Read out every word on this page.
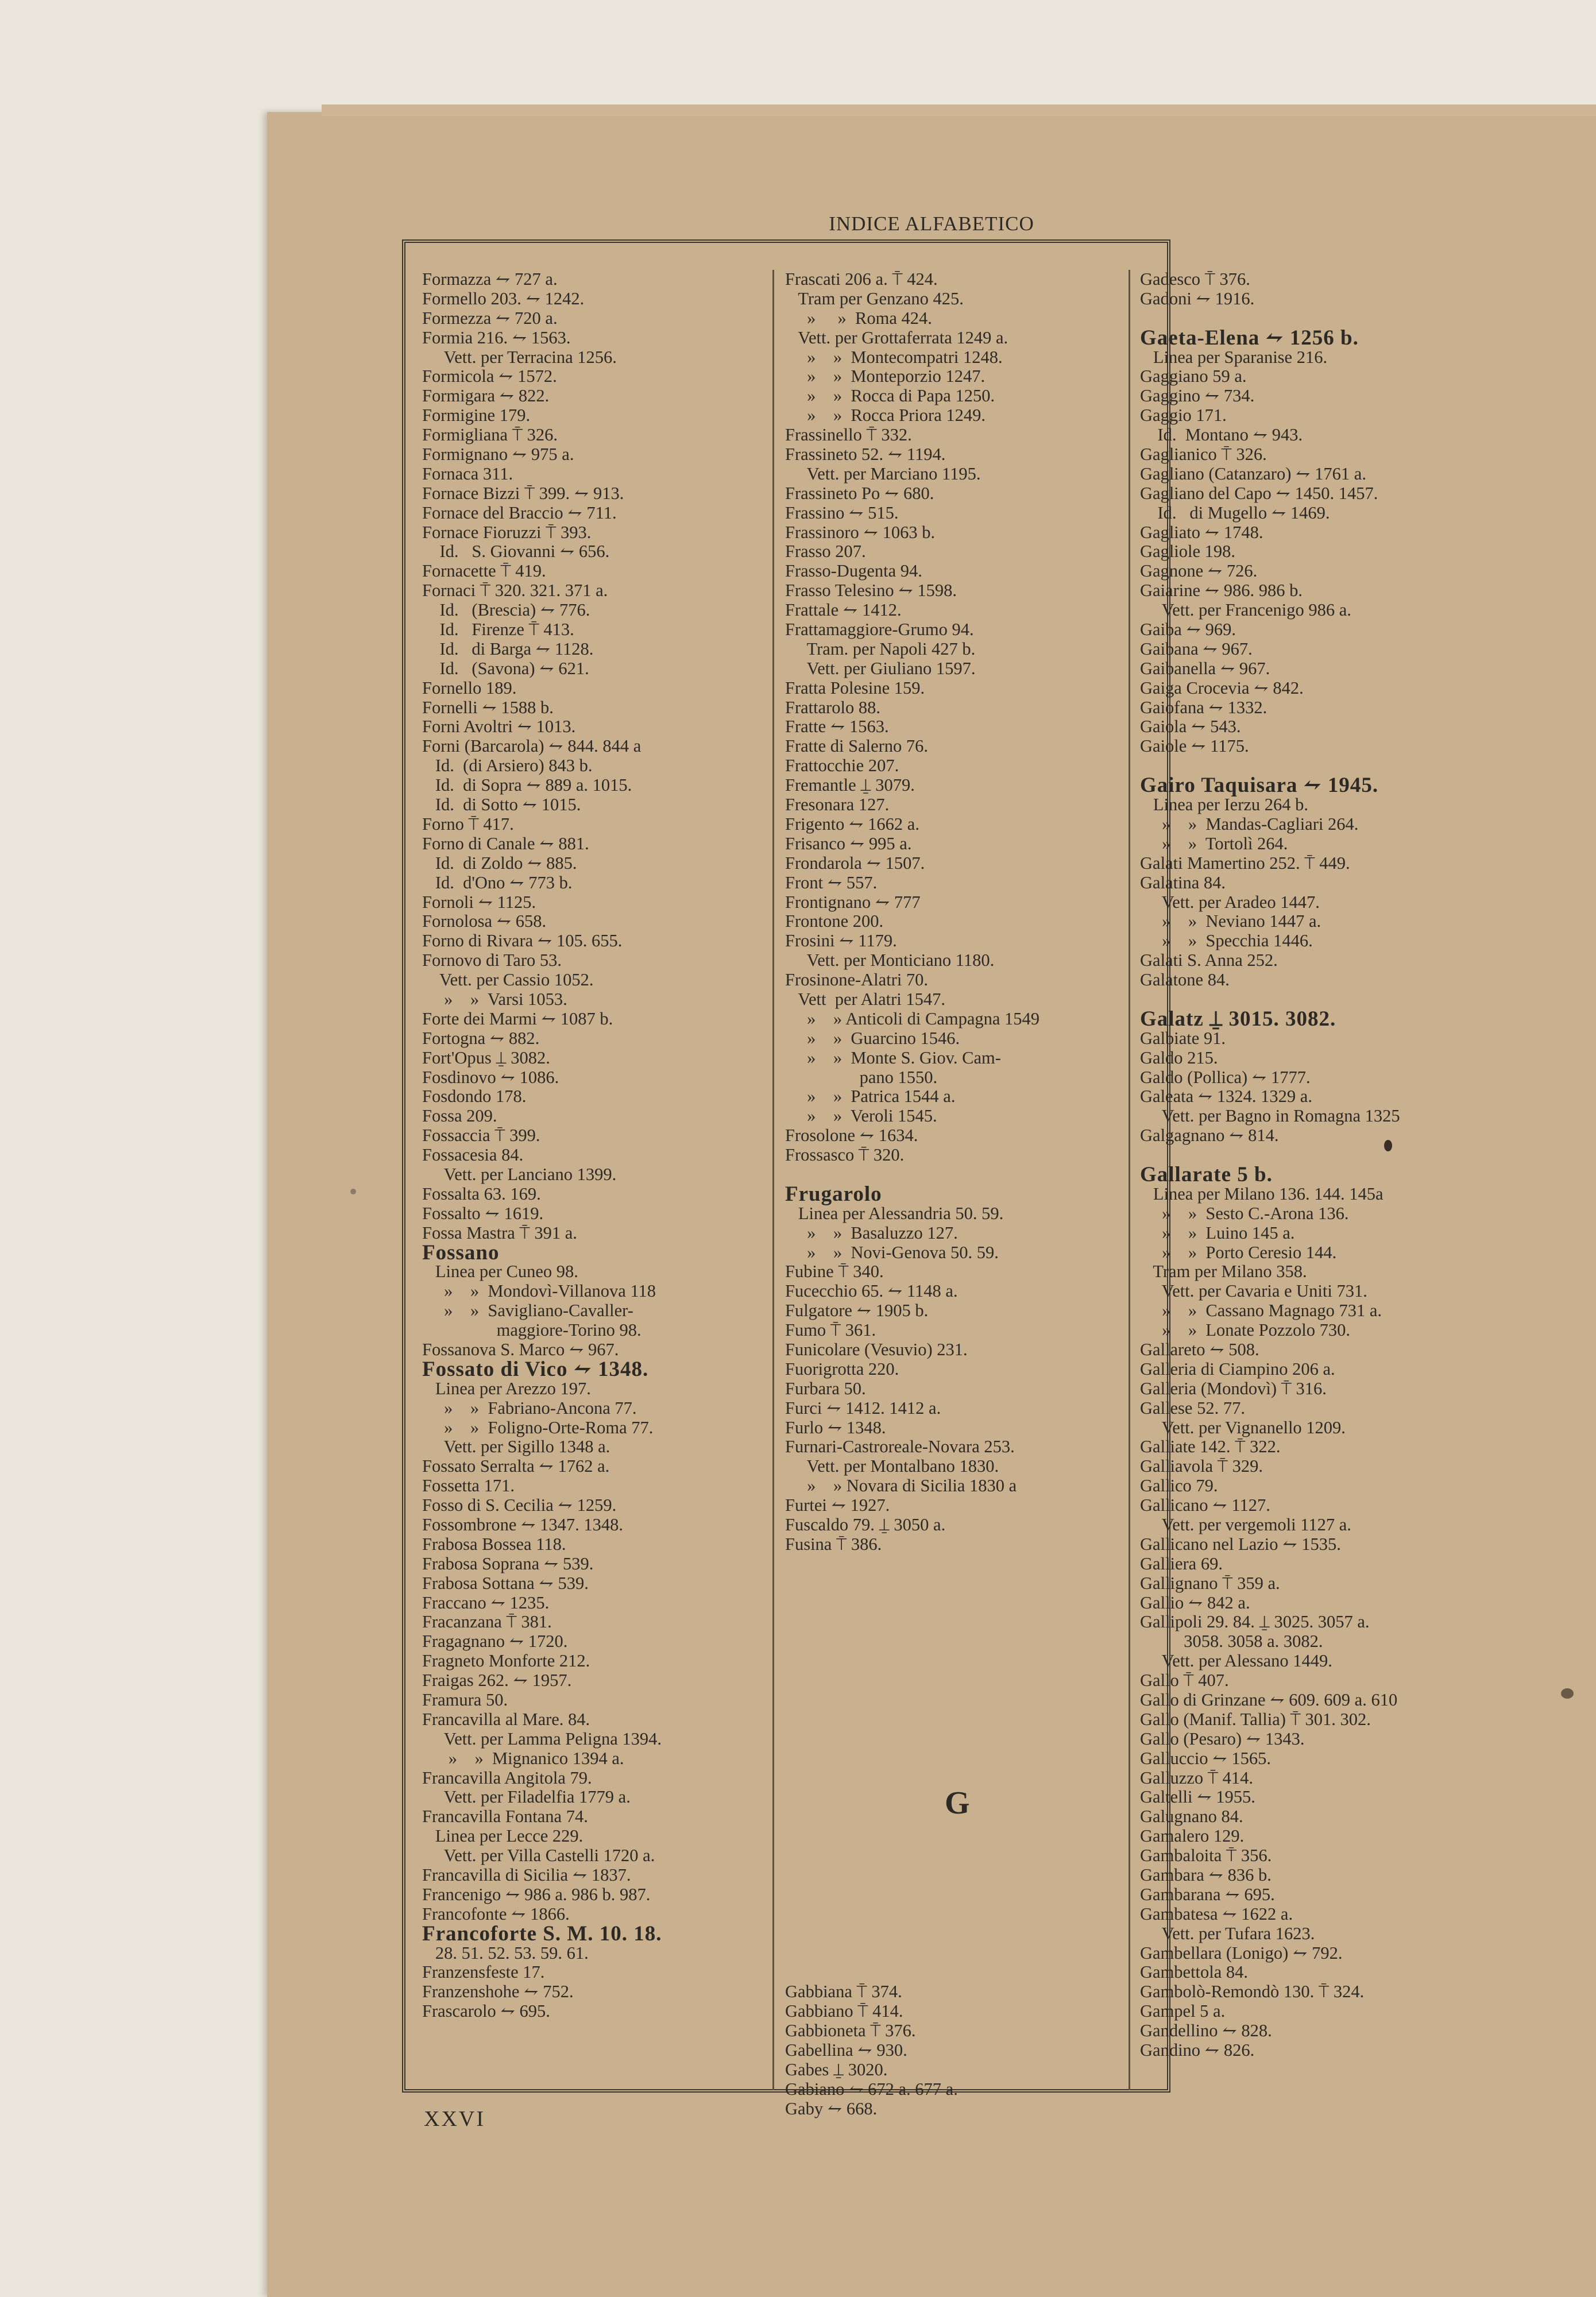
INDICE ALFABETICO
Formazza ⥊ 727 a.
Formello 203. ⥊ 1242.
Formezza ⥊ 720 a.
Formia 216. ⥊ 1563.
Vett. per Terracina 1256.
Formicola ⥊ 1572.
Formigara ⥊ 822.
Formigine 179.
Formigliana ⍑ 326.
Formignano ⥊ 975 a.
Fornaca 311.
Fornace Bizzi ⍑ 399. ⥊ 913.
Fornace del Braccio ⥊ 711.
Fornace Fioruzzi ⍑ 393.
Id.   S. Giovanni ⥊ 656.
Fornacette ⍑ 419.
Fornaci ⍑ 320. 321. 371 a.
Id.   (Brescia) ⥊ 776.
Id.   Firenze ⍑ 413.
Id.   di Barga ⥊ 1128.
Id.   (Savona) ⥊ 621.
Fornello 189.
Fornelli ⥊ 1588 b.
Forni Avoltri ⥊ 1013.
Forni (Barcarola) ⥊ 844. 844 a
Id.  (di Arsiero) 843 b.
Id.  di Sopra ⥊ 889 a. 1015.
Id.  di Sotto ⥊ 1015.
Forno ⍑ 417.
Forno di Canale ⥊ 881.
Id.  di Zoldo ⥊ 885.
Id.  d'Ono ⥊ 773 b.
Fornoli ⥊ 1125.
Fornolosa ⥊ 658.
Forno di Rivara ⥊ 105. 655.
Fornovo di Taro 53.
Vett. per Cassio 1052.
»    »  Varsi 1053.
Forte dei Marmi ⥊ 1087 b.
Fortogna ⥊ 882.
Fort'Opus ⍊ 3082.
Fosdinovo ⥊ 1086.
Fosdondo 178.
Fossa 209.
Fossaccia ⍑ 399.
Fossacesia 84.
Vett. per Lanciano 1399.
Fossalta 63. 169.
Fossalto ⥊ 1619.
Fossa Mastra ⍑ 391 a.
Fossano
Linea per Cuneo 98.
»    »  Mondovì-Villanova 118
»    »  Savigliano-Cavaller-
maggiore-Torino 98.
Fossanova S. Marco ⥊ 967.
Fossato di Vico ⥊ 1348.
Linea per Arezzo 197.
»    »  Fabriano-Ancona 77.
»    »  Foligno-Orte-Roma 77.
Vett. per Sigillo 1348 a.
Fossato Serralta ⥊ 1762 a.
Fossetta 171.
Fosso di S. Cecilia ⥊ 1259.
Fossombrone ⥊ 1347. 1348.
Frabosa Bossea 118.
Frabosa Soprana ⥊ 539.
Frabosa Sottana ⥊ 539.
Fraccano ⥊ 1235.
Fracanzana ⍑ 381.
Fragagnano ⥊ 1720.
Fragneto Monforte 212.
Fraigas 262. ⥊ 1957.
Framura 50.
Francavilla al Mare. 84.
Vett. per Lamma Peligna 1394.
»    »  Mignanico 1394 a.
Francavilla Angitola 79.
Vett. per Filadelfia 1779 a.
Francavilla Fontana 74.
Linea per Lecce 229.
Vett. per Villa Castelli 1720 a.
Francavilla di Sicilia ⥊ 1837.
Francenigo ⥊ 986 a. 986 b. 987.
Francofonte ⥊ 1866.
Francoforte S. M. 10. 18.
28. 51. 52. 53. 59. 61.
Franzensfeste 17.
Franzenshohe ⥊ 752.
Frascarolo ⥊ 695.
Frascati 206 a. ⍑ 424.
Tram per Genzano 425.
»     »  Roma 424.
Vett. per Grottaferrata 1249 a.
»    »  Montecompatri 1248.
»    »  Monteporzio 1247.
»    »  Rocca di Papa 1250.
»    »  Rocca Priora 1249.
Frassinello ⍑ 332.
Frassineto 52. ⥊ 1194.
Vett. per Marciano 1195.
Frassineto Po ⥊ 680.
Frassino ⥊ 515.
Frassinoro ⥊ 1063 b.
Frasso 207.
Frasso-Dugenta 94.
Frasso Telesino ⥊ 1598.
Frattale ⥊ 1412.
Frattamaggiore-Grumo 94.
Tram. per Napoli 427 b.
Vett. per Giuliano 1597.
Fratta Polesine 159.
Frattarolo 88.
Fratte ⥊ 1563.
Fratte di Salerno 76.
Frattocchie 207.
Fremantle ⍊ 3079.
Fresonara 127.
Frigento ⥊ 1662 a.
Frisanco ⥊ 995 a.
Frondarola ⥊ 1507.
Front ⥊ 557.
Frontignano ⥊ 777
Frontone 200.
Frosini ⥊ 1179.
Vett. per Monticiano 1180.
Frosinone-Alatri 70.
Vett  per Alatri 1547.
»    » Anticoli di Campagna 1549
»    »  Guarcino 1546.
»    »  Monte S. Giov. Cam-
pano 1550.
»    »  Patrica 1544 a.
»    »  Veroli 1545.
Frosolone ⥊ 1634.
Frossasco ⍑ 320.
Frugarolo
Linea per Alessandria 50. 59.
»    »  Basaluzzo 127.
»    »  Novi-Genova 50. 59.
Fubine ⍑ 340.
Fucecchio 65. ⥊ 1148 a.
Fulgatore ⥊ 1905 b.
Fumo ⍑ 361.
Funicolare (Vesuvio) 231.
Fuorigrotta 220.
Furbara 50.
Furci ⥊ 1412. 1412 a.
Furlo ⥊ 1348.
Furnari-Castroreale-Novara 253.
Vett. per Montalbano 1830.
»    » Novara di Sicilia 1830 a
Furtei ⥊ 1927.
Fuscaldo 79. ⍊ 3050 a.
Fusina ⍑ 386.
Gabbiana ⍑ 374.
Gabbiano ⍑ 414.
Gabbioneta ⍑ 376.
Gabellina ⥊ 930.
Gabes ⍊ 3020.
Gabiano ⥊ 672 a. 677 a.
Gaby ⥊ 668.
Gadesco ⍑ 376.
Gadoni ⥊ 1916.
Gaeta-Elena ⥊ 1256 b.
Linea per Sparanise 216.
Gaggiano 59 a.
Gaggino ⥊ 734.
Gaggio 171.
Id.  Montano ⥊ 943.
Gaglianico ⍑ 326.
Gagliano (Catanzaro) ⥊ 1761 a.
Gagliano del Capo ⥊ 1450. 1457.
Id.   di Mugello ⥊ 1469.
Gagliato ⥊ 1748.
Gagliole 198.
Gagnone ⥊ 726.
Gaiarine ⥊ 986. 986 b.
Vett. per Francenigo 986 a.
Gaiba ⥊ 969.
Gaibana ⥊ 967.
Gaibanella ⥊ 967.
Gaiga Crocevia ⥊ 842.
Gaiofana ⥊ 1332.
Gaiola ⥊ 543.
Gaiole ⥊ 1175.
Gairo Taquisara ⥊ 1945.
Linea per Ierzu 264 b.
»    »  Mandas-Cagliari 264.
»    »  Tortolì 264.
Galati Mamertino 252. ⍑ 449.
Galatina 84.
Vett. per Aradeo 1447.
»    »  Neviano 1447 a.
»    »  Specchia 1446.
Galati S. Anna 252.
Galatone 84.
Galatz ⍊ 3015. 3082.
Galbiate 91.
Galdo 215.
Galdo (Pollica) ⥊ 1777.
Galeata ⥊ 1324. 1329 a.
Vett. per Bagno in Romagna 1325
Galgagnano ⥊ 814.
Gallarate 5 b.
Linea per Milano 136. 144. 145a
»    »  Sesto C.-Arona 136.
»    »  Luino 145 a.
»    »  Porto Ceresio 144.
Tram per Milano 358.
Vett. per Cavaria e Uniti 731.
»    »  Cassano Magnago 731 a.
»    »  Lonate Pozzolo 730.
Gallareto ⥊ 508.
Galleria di Ciampino 206 a.
Galleria (Mondovì) ⍑ 316.
Gallese 52. 77.
Vett. per Vignanello 1209.
Galliate 142. ⍑ 322.
Galliavola ⍑ 329.
Gallico 79.
Gallicano ⥊ 1127.
Vett. per vergemoli 1127 a.
Gallicano nel Lazio ⥊ 1535.
Galliera 69.
Gallignano ⍑ 359 a.
Gallio ⥊ 842 a.
Gallipoli 29. 84. ⍊ 3025. 3057 a.
3058. 3058 a. 3082.
Vett. per Alessano 1449.
Gallo ⍑ 407.
Gallo di Grinzane ⥊ 609. 609 a. 610
Gallo (Manif. Tallia) ⍑ 301. 302.
Gallo (Pesaro) ⥊ 1343.
Galluccio ⥊ 1565.
Galluzzo ⍑ 414.
Galtelli ⥊ 1955.
Galugnano 84.
Gamalero 129.
Gambaloita ⍑ 356.
Gambara ⥊ 836 b.
Gambarana ⥊ 695.
Gambatesa ⥊ 1622 a.
Vett. per Tufara 1623.
Gambellara (Lonigo) ⥊ 792.
Gambettola 84.
Gambolò-Remondò 130. ⍑ 324.
Gampel 5 a.
Gandellino ⥊ 828.
Gandino ⥊ 826.
G
XXVI
